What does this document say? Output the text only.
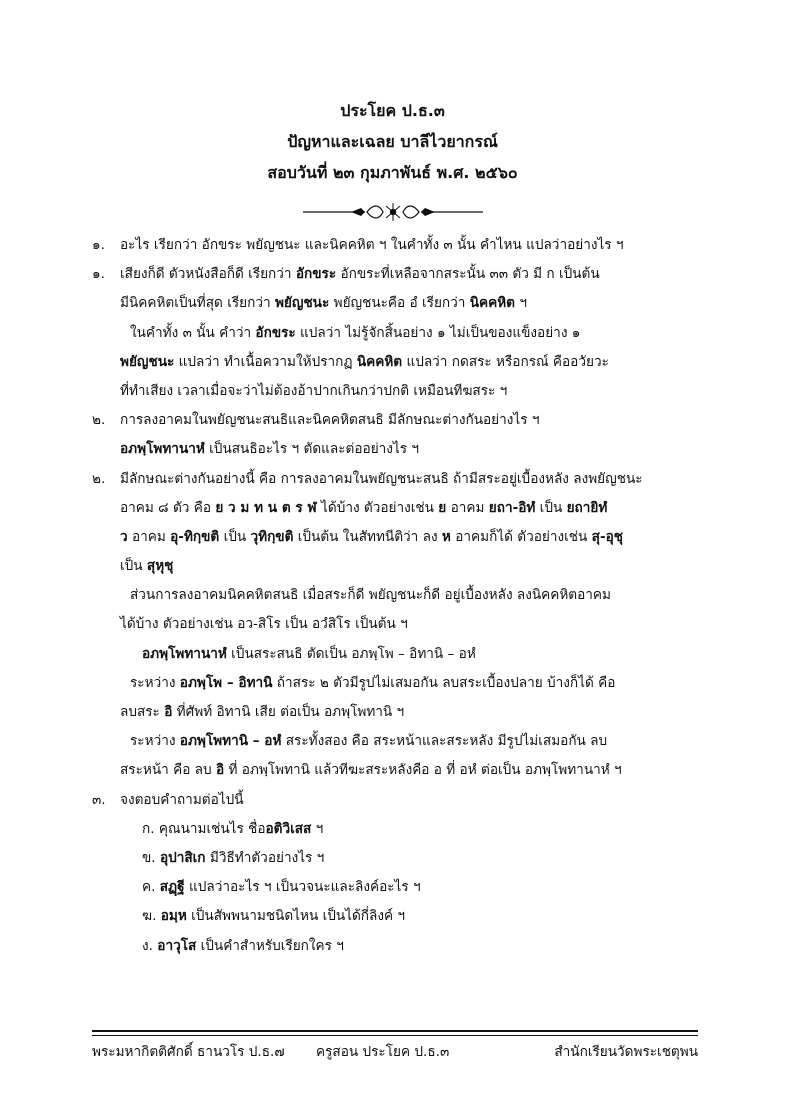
ประโยค ป.ธ.๓
ปัญหาและเฉลย บาลีไวยากรณ์
สอบวันที่ ๒๓ กุมภาพันธ์ พ.ศ. ๒๕๖๐
๑. อะไร เรียกว่า อักขระ พยัญชนะ และนิคคหิต ฯ ในคำทั้ง ๓ นั้น คำไหน แปลว่าอย่างไร ฯ
๑. เสียงก็ดี ตัวหนังสือก็ดี เรียกว่า อักขระ อักขระที่เหลือจากสระนั้น ๓๓ ตัว มี ก เป็นต้น
มีนิคคหิตเป็นที่สุด เรียกว่า พยัญชนะ พยัญชนะคือ อํ เรียกว่า นิคคหิต ฯ
ในคำทั้ง ๓ นั้น คำว่า อักขระ แปลว่า ไม่รู้จักสิ้นอย่าง ๑ ไม่เป็นของแข็งอย่าง ๑
พยัญชนะ แปลว่า ทำเนื้อความให้ปรากฏ นิคคหิต แปลว่า กดสระ หรือกรณ์ คืออวัยวะ
ที่ทำเสียง เวลาเมื่อจะว่าไม่ต้องอ้าปากเกินกว่าปกติ เหมือนทีฆสระ ฯ
๒. การลงอาคมในพยัญชนะสนธิและนิคคหิตสนธิ มีลักษณะต่างกันอย่างไร ฯ
อภพฺโพทานาหํ เป็นสนธิอะไร ฯ ตัดและต่ออย่างไร ฯ
๒. มีลักษณะต่างกันอย่างนี้ คือ การลงอาคมในพยัญชนะสนธิ ถ้ามีสระอยู่เบื้องหลัง ลงพยัญชนะ
อาคม ๘ ตัว คือ ย ว ม ท น ต ร ฬ ได้บ้าง ตัวอย่างเช่น ย อาคม ยถา-อิทํ เป็น ยถายิทํ
ว อาคม อุ-ทิกฺขติ เป็น วุทิกฺขติ เป็นต้น ในสัททนีติว่า ลง ห อาคมก็ได้ ตัวอย่างเช่น สุ-อุชุ
เป็น สุหุชุ
ส่วนการลงอาคมนิคคหิตสนธิ เมื่อสระก็ดี พยัญชนะก็ดี อยู่เบื้องหลัง ลงนิคคหิตอาคม
ได้บ้าง ตัวอย่างเช่น อว-สิโร เป็น อวํสิโร เป็นต้น ฯ
อภพฺโพทานาหํ เป็นสระสนธิ ตัดเป็น อภพฺโพ – อิทานิ – อหํ
ระหว่าง อภพฺโพ – อิทานิ ถ้าสระ ๒ ตัวมีรูปไม่เสมอกัน ลบสระเบื้องปลาย บ้างก็ได้ คือ
ลบสระ อิ ที่ศัพท์ อิทานิ เสีย ต่อเป็น อภพฺโพทานิ ฯ
ระหว่าง อภพฺโพทานิ – อหํ สระทั้งสอง คือ สระหน้าและสระหลัง มีรูปไม่เสมอกัน ลบ
สระหน้า คือ ลบ อิ ที่ อภพฺโพทานิ แล้วทีฆะสระหลังคือ อ ที่ อหํ ต่อเป็น อภพฺโพทานาหํ ฯ
๓. จงตอบคำถามต่อไปนี้
ก. คุณนามเช่นไร ชื่ออติวิเสส ฯ
ข. อุปาสิเก มีวิธีทำตัวอย่างไร ฯ
ค. สฏฺฐี แปลว่าอะไร ฯ เป็นวจนะและลิงค์อะไร ฯ
ฆ. อมฺห เป็นสัพพนามชนิดไหน เป็นได้กี่ลิงค์ ฯ
ง. อาวุโส เป็นคำสำหรับเรียกใคร ฯ
พระมหากิตติศักดิ์ ธานวโร ป.ธ.๗ ครูสอน ประโยค ป.ธ.๓	สำนักเรียนวัดพระเชตุพน
